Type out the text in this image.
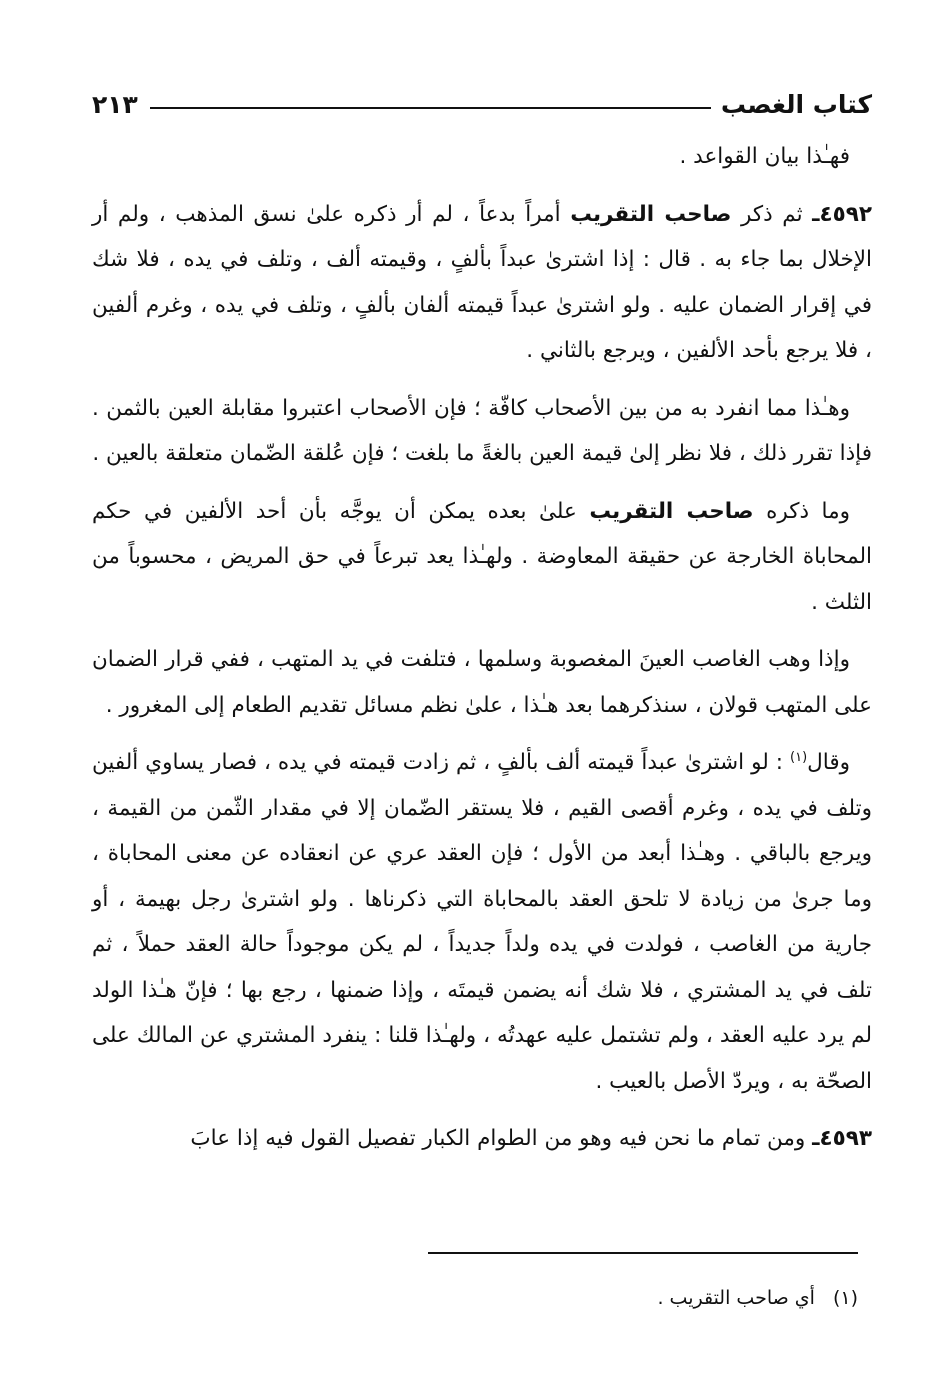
كتاب الغصب
٢١٣

فهـٰذا بيان القواعد .

٤٥٩٢ـ ثم ذكر صاحب التقريب أمراً بدعاً ، لم أر ذكره علىٰ نسق المذهب ، ولم أر الإخلال بما جاء به . قال : إذا اشترىٰ عبداً بألفٍ ، وقيمته ألف ، وتلف في يده ، فلا شك في إقرار الضمان عليه . ولو اشترىٰ عبداً قيمته ألفان بألفٍ ، وتلف في يده ، وغرم ألفين ، فلا يرجع بأحد الألفين ، ويرجع بالثاني .

وهـٰذا مما انفرد به من بين الأصحاب كافّة ؛ فإن الأصحاب اعتبروا مقابلة العين بالثمن . فإذا تقرر ذلك ، فلا نظر إلىٰ قيمة العين بالغةً ما بلغت ؛ فإن عُلقة الضّمان متعلقة بالعين .

وما ذكره صاحب التقريب علىٰ بعده يمكن أن يوجَّه بأن أحد الألفين في حكم المحاباة الخارجة عن حقيقة المعاوضة . ولهـٰذا يعد تبرعاً في حق المريض ، محسوباً من الثلث .

وإذا وهب الغاصب العينَ المغصوبة وسلمها ، فتلفت في يد المتهب ، ففي قرار الضمان على المتهب قولان ، سنذكرهما بعد هـٰذا ، علىٰ نظم مسائل تقديم الطعام إلى المغرور .

وقال$^{(١)}$ : لو اشترىٰ عبداً قيمته ألف بألفٍ ، ثم زادت قيمته في يده ، فصار يساوي ألفين وتلف في يده ، وغرم أقصى القيم ، فلا يستقر الضّمان إلا في مقدار الثّمن من القيمة ، ويرجع بالباقي . وهـٰذا أبعد من الأول ؛ فإن العقد عري عن انعقاده عن معنى المحاباة ، وما جرىٰ من زيادة لا تلحق العقد بالمحاباة التي ذكرناها . ولو اشترىٰ رجل بهيمة ، أو جارية من الغاصب ، فولدت في يده ولداً جديداً ، لم يكن موجوداً حالة العقد حملاً ، ثم تلف في يد المشتري ، فلا شك أنه يضمن قيمتَه ، وإذا ضمنها ، رجع بها ؛ فإنّ هـٰذا الولد لم يرد عليه العقد ، ولم تشتمل عليه عهدتُه ، ولهـٰذا قلنا : ينفرد المشتري عن المالك على الصحّة به ، ويردّ الأصل بالعيب .

٤٥٩٣ـ ومن تمام ما نحن فيه وهو من الطوام الكبار تفصيل القول فيه إذا عابَ

(١)أي صاحب التقريب .
